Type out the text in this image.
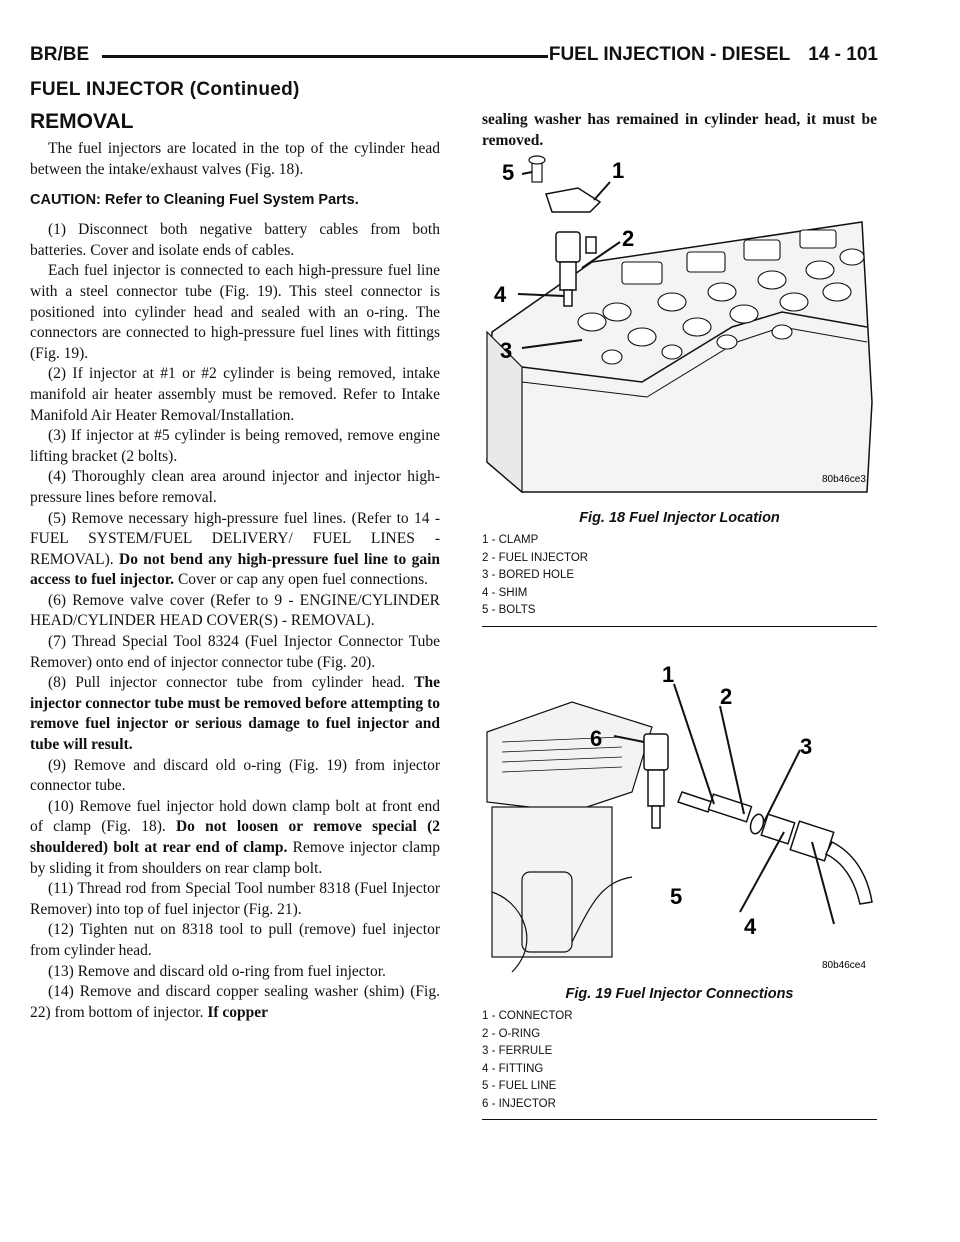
BR/BE	FUEL INJECTION - DIESEL 14 - 101
FUEL INJECTOR (Continued)
REMOVAL

The fuel injectors are located in the top of the cylinder head between the intake/exhaust valves (Fig. 18).

CAUTION: Refer to Cleaning Fuel System Parts.

(1) Disconnect both negative battery cables from both batteries. Cover and isolate ends of cables.

Each fuel injector is connected to each high-pressure fuel line with a steel connector tube (Fig. 19). This steel connector is positioned into cylinder head and sealed with an o-ring. The connectors are connected to high-pressure fuel lines with fittings (Fig. 19).

(2) If injector at #1 or #2 cylinder is being removed, intake manifold air heater assembly must be removed. Refer to Intake Manifold Air Heater Removal/Installation.

(3) If injector at #5 cylinder is being removed, remove engine lifting bracket (2 bolts).

(4) Thoroughly clean area around injector and injector high-pressure lines before removal.

(5) Remove necessary high-pressure fuel lines. (Refer to 14 - FUEL SYSTEM/FUEL DELIVERY/ FUEL LINES - REMOVAL). Do not bend any high-pressure fuel line to gain access to fuel injector. Cover or cap any open fuel connections.

(6) Remove valve cover (Refer to 9 - ENGINE/CYLINDER HEAD/CYLINDER HEAD COVER(S) - REMOVAL).

(7) Thread Special Tool 8324 (Fuel Injector Connector Tube Remover) onto end of injector connector tube (Fig. 20).

(8) Pull injector connector tube from cylinder head. The injector connector tube must be removed before attempting to remove fuel injector or serious damage to fuel injector and tube will result.

(9) Remove and discard old o-ring (Fig. 19) from injector connector tube.

(10) Remove fuel injector hold down clamp bolt at front end of clamp (Fig. 18). Do not loosen or remove special (2 shouldered) bolt at rear end of clamp. Remove injector clamp by sliding it from shoulders on rear clamp bolt.

(11) Thread rod from Special Tool number 8318 (Fuel Injector Remover) into top of fuel injector (Fig. 21).

(12) Tighten nut on 8318 tool to pull (remove) fuel injector from cylinder head.

(13) Remove and discard old o-ring from fuel injector.

(14) Remove and discard copper sealing washer (shim) (Fig. 22) from bottom of injector. If copper

sealing washer has remained in cylinder head, it must be removed.

5	1
2
4
3
80b46ce3
Fig. 18 Fuel Injector Location
1 - CLAMP
2 - FUEL INJECTOR
3 - BORED HOLE
4 - SHIM
5 - BOLTS
1
2
3
4
5
6
80b46ce4
Fig. 19 Fuel Injector Connections
1 - CONNECTOR
2 - O-RING
3 - FERRULE
4 - FITTING
5 - FUEL LINE
6 - INJECTOR
